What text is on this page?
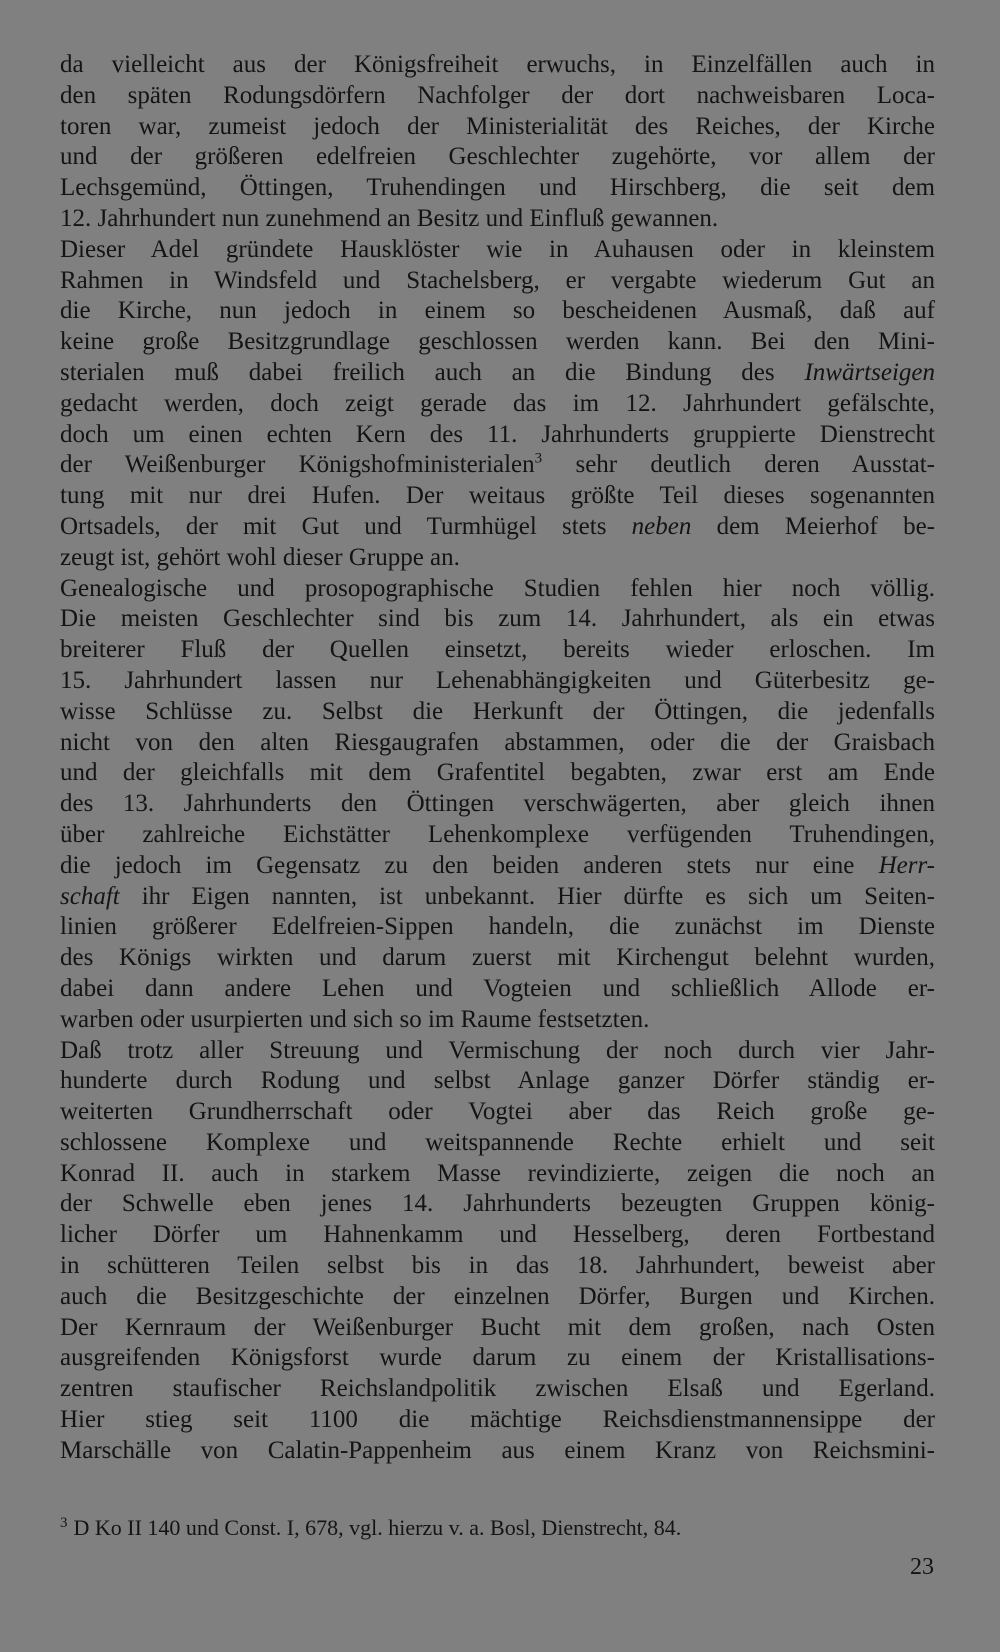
da vielleicht aus der Königsfreiheit erwuchs, in Einzelfällen auch in
den späten Rodungsdörfern Nachfolger der dort nachweisbaren Loca-
toren war, zumeist jedoch der Ministerialität des Reiches, der Kirche
und der größeren edelfreien Geschlechter zugehörte, vor allem der
Lechsgemünd, Öttingen, Truhendingen und Hirschberg, die seit dem
12. Jahrhundert nun zunehmend an Besitz und Einfluß gewannen.
Dieser Adel gründete Hausklöster wie in Auhausen oder in kleinstem
Rahmen in Windsfeld und Stachelsberg, er vergabte wiederum Gut an
die Kirche, nun jedoch in einem so bescheidenen Ausmaß, daß auf
keine große Besitzgrundlage geschlossen werden kann. Bei den Mini-
sterialen muß dabei freilich auch an die Bindung des Inwärtseigen
gedacht werden, doch zeigt gerade das im 12. Jahrhundert gefälschte,
doch um einen echten Kern des 11. Jahrhunderts gruppierte Dienstrecht
der Weißenburger Königshofministerialen$^3$ sehr deutlich deren Ausstat-
tung mit nur drei Hufen. Der weitaus größte Teil dieses sogenannten
Ortsadels, der mit Gut und Turmhügel stets neben dem Meierhof be-
zeugt ist, gehört wohl dieser Gruppe an.
Genealogische und prosopographische Studien fehlen hier noch völlig.
Die meisten Geschlechter sind bis zum 14. Jahrhundert, als ein etwas
breiterer Fluß der Quellen einsetzt, bereits wieder erloschen. Im
15. Jahrhundert lassen nur Lehenabhängigkeiten und Güterbesitz ge-
wisse Schlüsse zu. Selbst die Herkunft der Öttingen, die jedenfalls
nicht von den alten Riesgaugrafen abstammen, oder die der Graisbach
und der gleichfalls mit dem Grafentitel begabten, zwar erst am Ende
des 13. Jahrhunderts den Öttingen verschwägerten, aber gleich ihnen
über zahlreiche Eichstätter Lehenkomplexe verfügenden Truhendingen,
die jedoch im Gegensatz zu den beiden anderen stets nur eine Herr-
schaft ihr Eigen nannten, ist unbekannt. Hier dürfte es sich um Seiten-
linien größerer Edelfreien-Sippen handeln, die zunächst im Dienste
des Königs wirkten und darum zuerst mit Kirchengut belehnt wurden,
dabei dann andere Lehen und Vogteien und schließlich Allode er-
warben oder usurpierten und sich so im Raume festsetzten.
Daß trotz aller Streuung und Vermischung der noch durch vier Jahr-
hunderte durch Rodung und selbst Anlage ganzer Dörfer ständig er-
weiterten Grundherrschaft oder Vogtei aber das Reich große ge-
schlossene Komplexe und weitspannende Rechte erhielt und seit
Konrad II. auch in starkem Masse revindizierte, zeigen die noch an
der Schwelle eben jenes 14. Jahrhunderts bezeugten Gruppen könig-
licher Dörfer um Hahnenkamm und Hesselberg, deren Fortbestand
in schütteren Teilen selbst bis in das 18. Jahrhundert, beweist aber
auch die Besitzgeschichte der einzelnen Dörfer, Burgen und Kirchen.
Der Kernraum der Weißenburger Bucht mit dem großen, nach Osten
ausgreifenden Königsforst wurde darum zu einem der Kristallisations-
zentren staufischer Reichslandpolitik zwischen Elsaß und Egerland.
Hier stieg seit 1100 die mächtige Reichsdienstmannensippe der
Marschälle von Calatin-Pappenheim aus einem Kranz von Reichsmini-
$^3$ D Ko II 140 und Const. I, 678, vgl. hierzu v. a. Bosl, Dienstrecht, 84.
23
